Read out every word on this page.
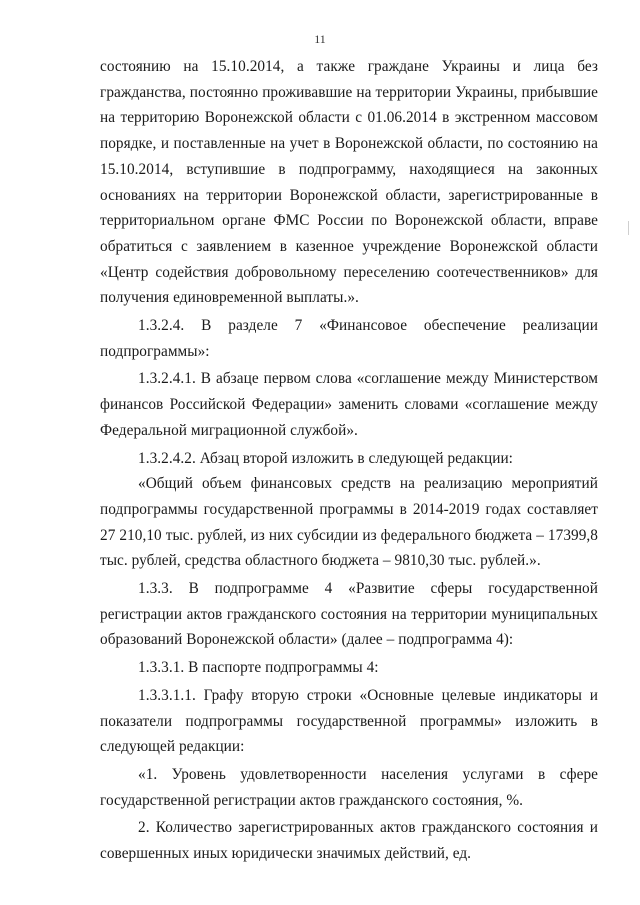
11

состоянию на 15.10.2014, а также граждане Украины и лица без гражданства, постоянно проживавшие на территории Украины, прибывшие на территорию Воронежской области с 01.06.2014 в экстренном массовом порядке, и поставленные на учет в Воронежской области, по состоянию на 15.10.2014, вступившие в подпрограмму, находящиеся на законных основаниях на территории Воронежской области, зарегистрированные в территориальном органе ФМС России по Воронежской области, вправе обратиться с заявлением в казенное учреждение Воронежской области «Центр содействия добровольному переселению соотечественников» для получения единовременной выплаты.».

1.3.2.4. В разделе 7 «Финансовое обеспечение реализации подпрограммы»:

1.3.2.4.1. В абзаце первом слова «соглашение между Министерством финансов Российской Федерации» заменить словами «соглашение между Федеральной миграционной службой».

1.3.2.4.2. Абзац второй изложить в следующей редакции:

«Общий объем финансовых средств на реализацию мероприятий подпрограммы государственной программы в 2014-2019 годах составляет 27 210,10 тыс. рублей, из них субсидии из федерального бюджета – 17399,8 тыс. рублей, средства областного бюджета – 9810,30 тыс. рублей.».

1.3.3. В подпрограмме 4 «Развитие сферы государственной регистрации актов гражданского состояния на территории муниципальных образований Воронежской области» (далее – подпрограмма 4):

1.3.3.1. В паспорте подпрограммы 4:

1.3.3.1.1. Графу вторую строки «Основные целевые индикаторы и показатели подпрограммы государственной программы» изложить в следующей редакции:

«1. Уровень удовлетворенности населения услугами в сфере государственной регистрации актов гражданского состояния, %.

2. Количество зарегистрированных актов гражданского состояния и совершенных иных юридически значимых действий, ед.
